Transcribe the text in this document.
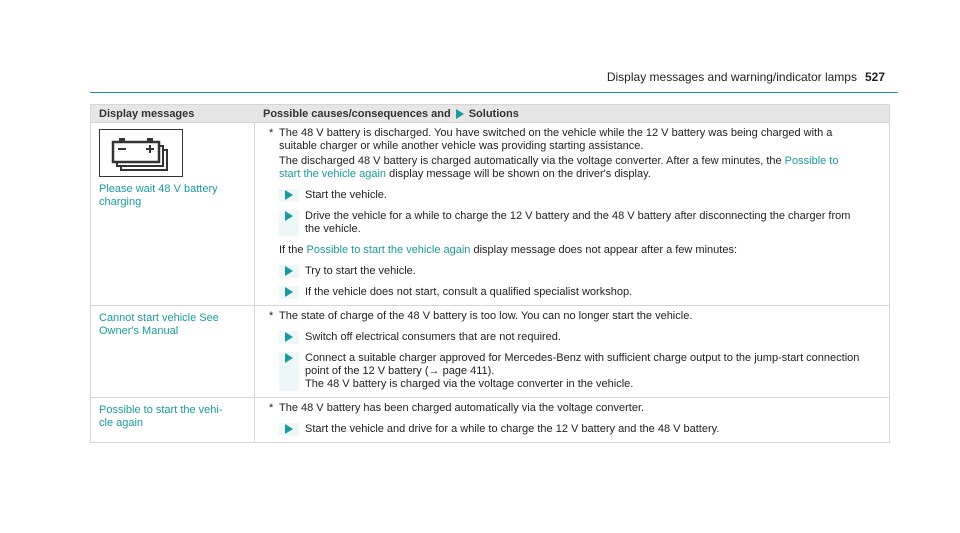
Display messages and warning/indicator lamps 527
Display messages	Possible causes/consequences and Solutions
Please wait 48 V battery
charging
* The 48 V battery is discharged. You have switched on the vehicle while the 12 V battery was being charged with a
suitable charger or while another vehicle was providing starting assistance.
The discharged 48 V battery is charged automatically via the voltage converter. After a few minutes, the Possible to
start the vehicle again display message will be shown on the driver's display.
Start the vehicle.
Drive the vehicle for a while to charge the 12 V battery and the 48 V battery after disconnecting the charger from
the vehicle.
If the Possible to start the vehicle again display message does not appear after a few minutes:
Try to start the vehicle.
If the vehicle does not start, consult a qualified specialist workshop.
Cannot start vehicle See
Owner's Manual
* The state of charge of the 48 V battery is too low. You can no longer start the vehicle.
Switch off electrical consumers that are not required.
Connect a suitable charger approved for Mercedes-Benz with sufficient charge output to the jump-start connection
point of the 12 V battery (→ page 411).
The 48 V battery is charged via the voltage converter in the vehicle.
Possible to start the vehi-
cle again
* The 48 V battery has been charged automatically via the voltage converter.
Start the vehicle and drive for a while to charge the 12 V battery and the 48 V battery.
